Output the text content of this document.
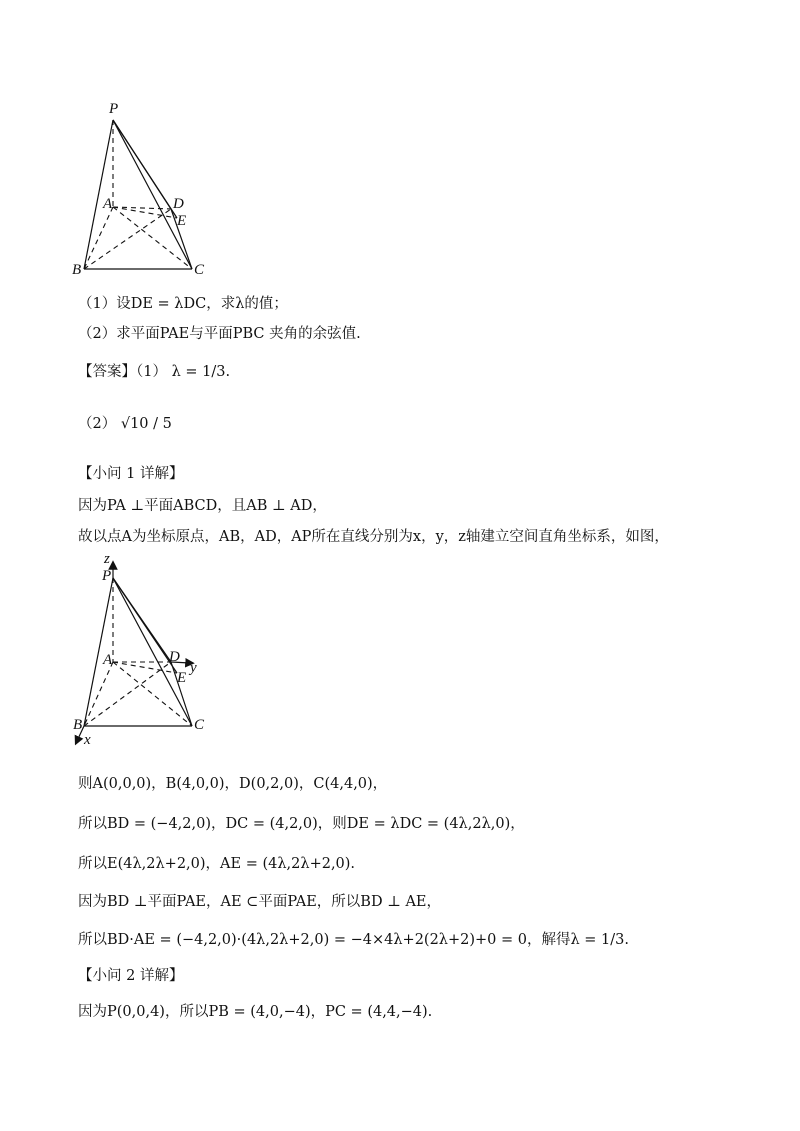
P
A	D
E
B	C
（1）设DE = λDC，求λ的值；
（2）求平面PAE与平面PBC 夹角的余弦值.
【答案】（1） λ = 1/3.
（2） √10 / 5
【小问 1 详解】
因为PA ⊥平面ABCD，且AB ⊥ AD，
故以点A为坐标原点，AB，AD，AP所在直线分别为x，y，z轴建立空间直角坐标系，如图，
z
P
A	D
y
E
B	C
x
则A(0,0,0)，B(4,0,0)，D(0,2,0)，C(4,4,0)，
所以BD = (−4,2,0)，DC = (4,2,0)，则DE = λDC = (4λ,2λ,0)，
所以E(4λ,2λ+2,0)，AE = (4λ,2λ+2,0).
因为BD ⊥平面PAE，AE ⊂平面PAE，所以BD ⊥ AE，
所以BD·AE = (−4,2,0)·(4λ,2λ+2,0) = −4×4λ+2(2λ+2)+0 = 0，解得λ = 1/3.
【小问 2 详解】
因为P(0,0,4)，所以PB = (4,0,−4)，PC = (4,4,−4).
